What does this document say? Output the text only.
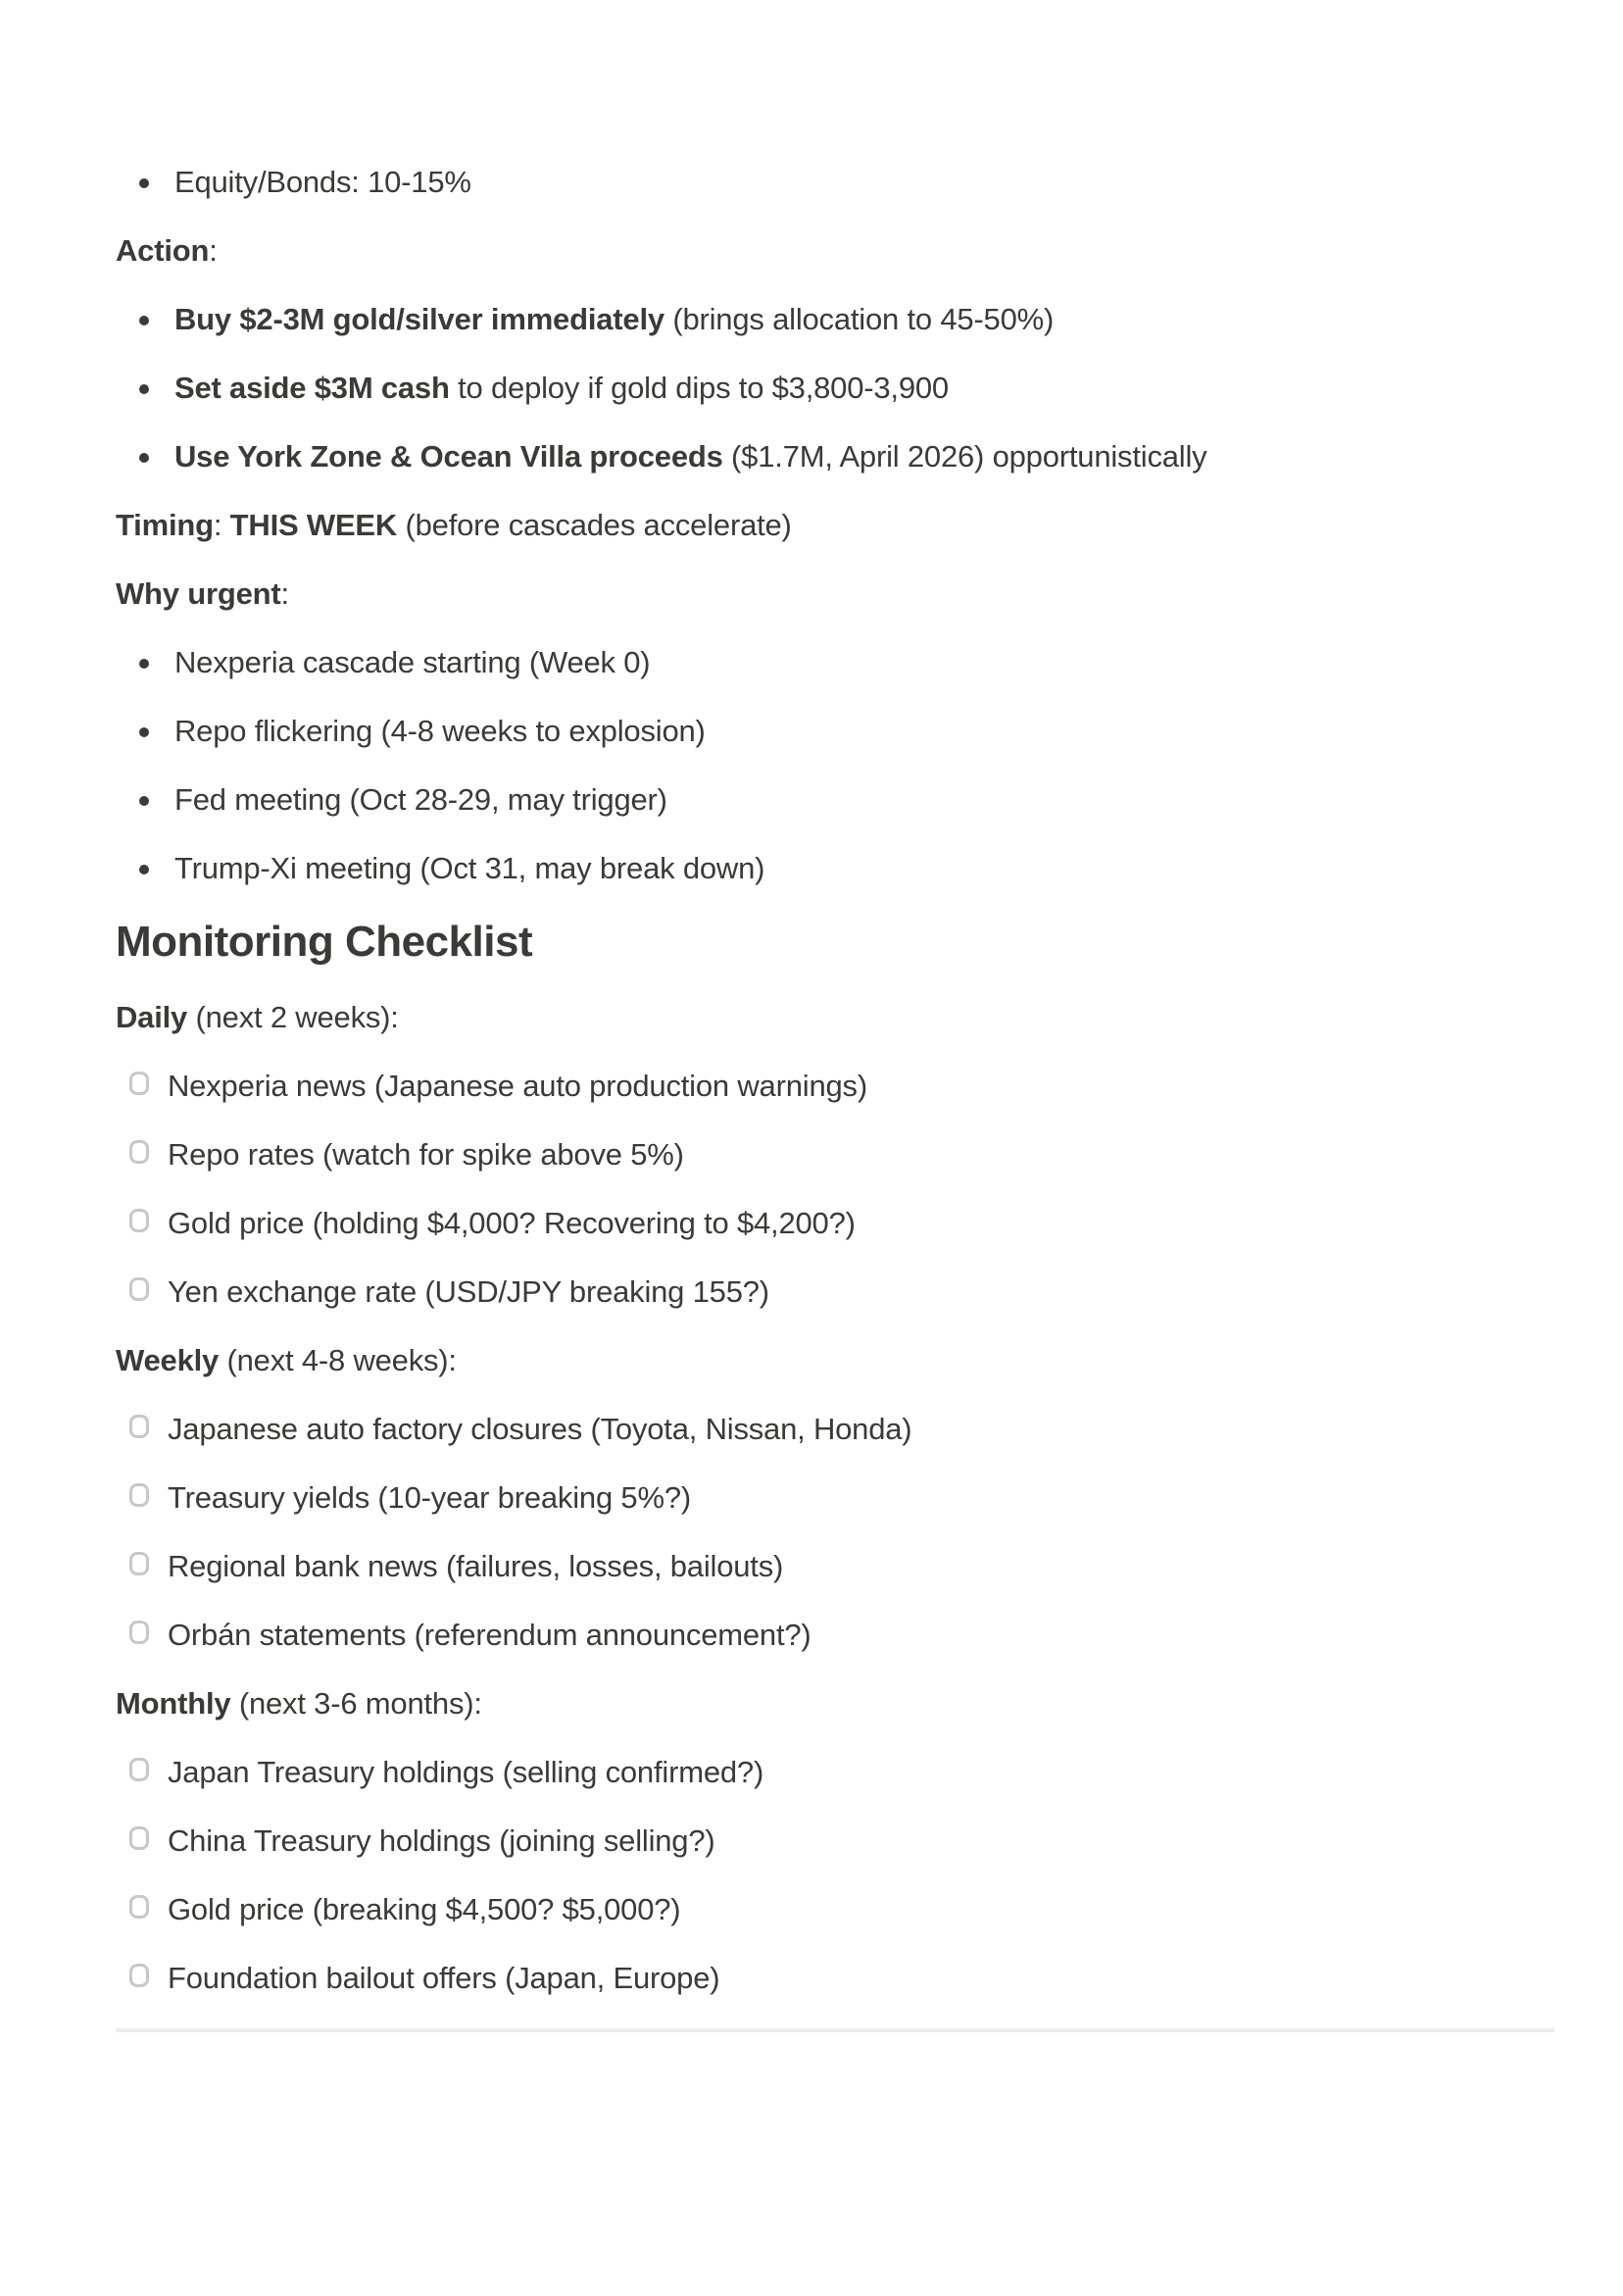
Equity/Bonds: 10-15%

Action:

Buy $2-3M gold/silver immediately (brings allocation to 45-50%)
Set aside $3M cash to deploy if gold dips to $3,800-3,900
Use York Zone & Ocean Villa proceeds ($1.7M, April 2026) opportunistically

Timing: THIS WEEK (before cascades accelerate)

Why urgent:

Nexperia cascade starting (Week 0)
Repo flickering (4-8 weeks to explosion)
Fed meeting (Oct 28-29, may trigger)
Trump-Xi meeting (Oct 31, may break down)
Monitoring Checklist

Daily (next 2 weeks):

Nexperia news (Japanese auto production warnings)
Repo rates (watch for spike above 5%)
Gold price (holding $4,000? Recovering to $4,200?)
Yen exchange rate (USD/JPY breaking 155?)

Weekly (next 4-8 weeks):

Japanese auto factory closures (Toyota, Nissan, Honda)
Treasury yields (10-year breaking 5%?)
Regional bank news (failures, losses, bailouts)
Orbán statements (referendum announcement?)

Monthly (next 3-6 months):

Japan Treasury holdings (selling confirmed?)
China Treasury holdings (joining selling?)
Gold price (breaking $4,500? $5,000?)
Foundation bailout offers (Japan, Europe)
